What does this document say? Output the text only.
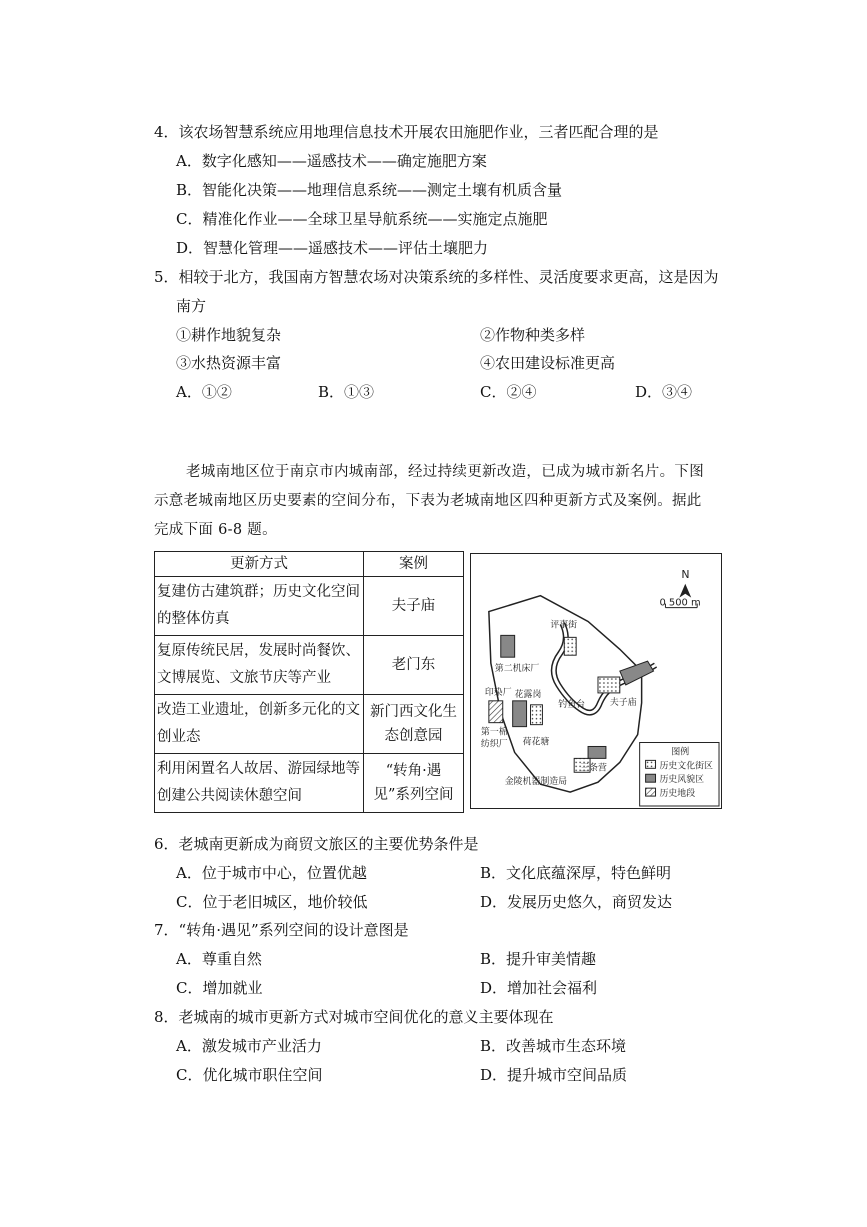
4．该农场智慧系统应用地理信息技术开展农田施肥作业，三者匹配合理的是
A．数字化感知——遥感技术——确定施肥方案
B．智能化决策——地理信息系统——测定土壤有机质含量
C．精准化作业——全球卫星导航系统——实施定点施肥
D．智慧化管理——遥感技术——评估土壤肥力
5．相较于北方，我国南方智慧农场对决策系统的多样性、灵活度要求更高，这是因为
南方
①耕作地貌复杂	②作物种类多样
③水热资源丰富	④农田建设标准更高
A．①②	B．①③	C．②④	D．③④
老城南地区位于南京市内城南部，经过持续更新改造，已成为城市新名片。下图
示意老城南地区历史要素的空间分布，下表为老城南地区四种更新方式及案例。据此
完成下面 6-8 题。
更新方式	案例
复建仿古建筑群；历史文化空间
的整体仿真	夫子庙
复原传统民居，发展时尚餐饮、
文博展览、文旅节庆等产业	老门东
改造工业遗址，创新多元化的文
创业态	新门西文化生
态创意园
利用闲置名人故居、游园绿地等
创建公共阅读休憩空间	“转角·遇
见”系列空间
评事街
第二机床厂
印染厂 花露岗
钓鱼台	夫子庙
第一棉
纺织厂 荷花塘
三条营
金陵机器制造局
N
0 500 m
图例
历史文化街区
历史风貌区
历史地段
6．老城南更新成为商贸文旅区的主要优势条件是
A．位于城市中心，位置优越	B．文化底蕴深厚，特色鲜明
C．位于老旧城区，地价较低	D．发展历史悠久，商贸发达
7．“转角·遇见”系列空间的设计意图是
A．尊重自然	B．提升审美情趣
C．增加就业	D．增加社会福利
8．老城南的城市更新方式对城市空间优化的意义主要体现在
A．激发城市产业活力	B．改善城市生态环境
C．优化城市职住空间	D．提升城市空间品质
